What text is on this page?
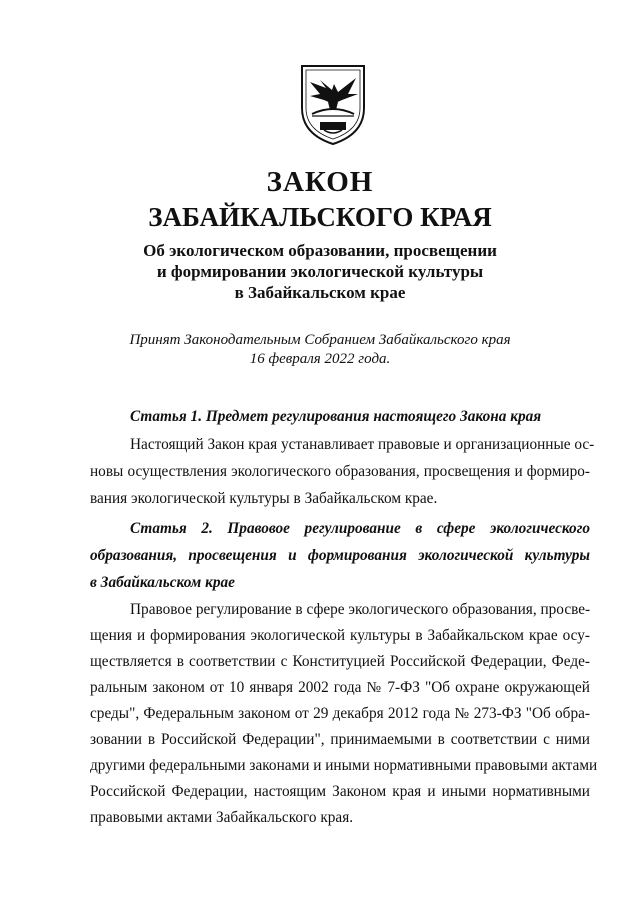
ЗАКОН
ЗАБАЙКАЛЬСКОГО КРАЯ
Об экологическом образовании, просвещении
и формировании экологической культуры
в Забайкальском крае
Принят Законодательным Собранием Забайкальского края
16 февраля 2022 года.
Статья 1. Предмет регулирования настоящего Закона края
Настоящий Закон края устанавливает правовые и организационные ос-
новы осуществления экологического образования, просвещения и формиро-
вания экологической культуры в Забайкальском крае.
Статья 2. Правовое регулирование в сфере экологического
образования, просвещения и формирования экологической культуры
в Забайкальском крае
Правовое регулирование в сфере экологического образования, просве-
щения и формирования экологической культуры в Забайкальском крае осу-
ществляется в соответствии с Конституцией Российской Федерации, Феде-
ральным законом от 10 января 2002 года № 7-ФЗ "Об охране окружающей
среды", Федеральным законом от 29 декабря 2012 года № 273-ФЗ "Об обра-
зовании в Российской Федерации", принимаемыми в соответствии с ними
другими федеральными законами и иными нормативными правовыми актами
Российской Федерации, настоящим Законом края и иными нормативными
правовыми актами Забайкальского края.
